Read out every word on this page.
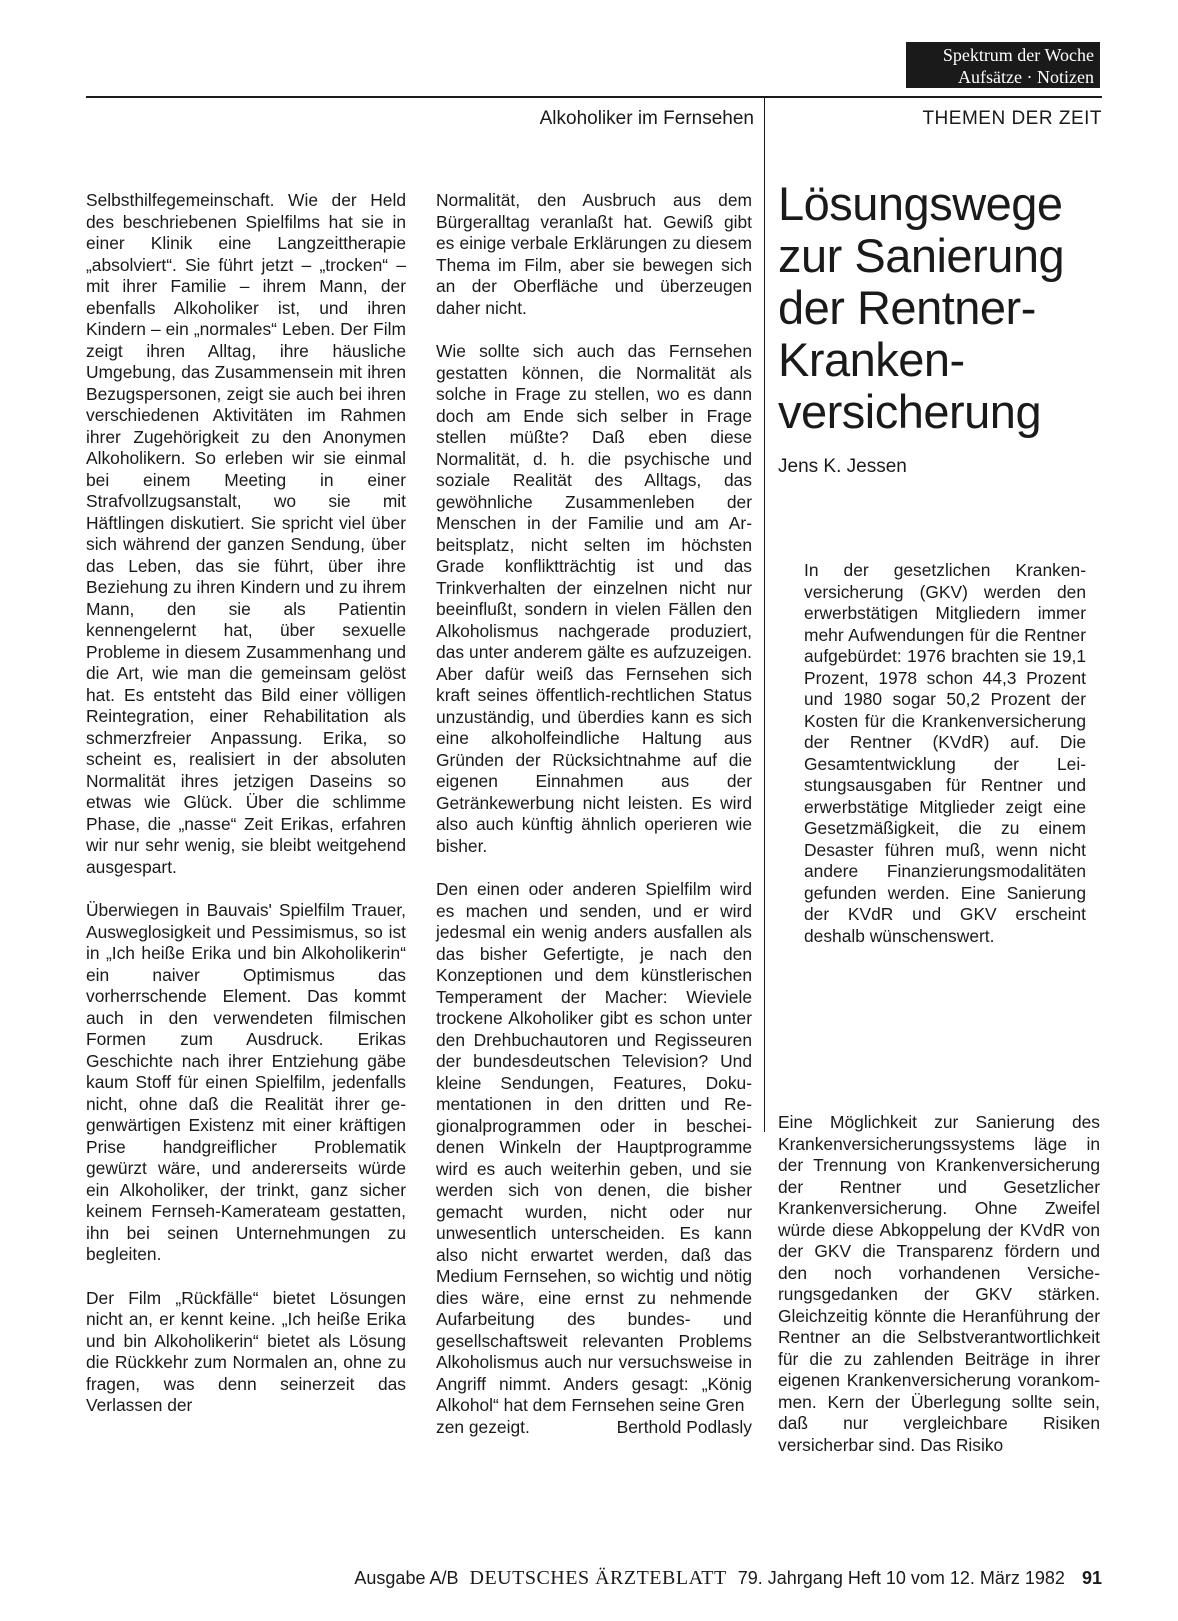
Spektrum der Woche
Aufsätze · Notizen
Alkoholiker im Fernsehen	THEMEN DER ZEIT

Selbsthilfegemeinschaft. Wie der Held des beschriebenen Spielfilms hat sie in einer Klinik eine Langzeittherapie „absolviert“. Sie führt jetzt – „trocken“ – mit ihrer Familie – ihrem Mann, der ebenfalls Alkoholiker ist, und ihren Kindern – ein „normales“ Leben. Der Film zeigt ihren Alltag, ihre häusliche Umgebung, das Zusammensein mit ihren Bezugspersonen, zeigt sie auch bei ihren verschiedenen Aktivitäten im Rahmen ihrer Zugehörigkeit zu den Anonymen Alkoholikern. So erleben wir sie einmal bei einem Meeting in einer Strafvollzugsanstalt, wo sie mit Häftlingen diskutiert. Sie spricht viel über sich während der ganzen Sendung, über das Leben, das sie führt, über ihre Beziehung zu ihren Kindern und zu ihrem Mann, den sie als Patientin kennengelernt hat, über sexuelle Probleme in diesem Zusammenhang und die Art, wie man die gemeinsam gelöst hat. Es entsteht das Bild einer völligen Reintegration, einer Rehabilitation als schmerzfreier Anpassung. Erika, so scheint es, realisiert in der absoluten Normalität ihres jetzigen Daseins so etwas wie Glück. Über die schlimme Phase, die „nasse“ Zeit Erikas, erfahren wir nur sehr wenig, sie bleibt weitgehend ausgespart.

Überwiegen in Bauvais' Spielfilm Trauer, Ausweglosigkeit und Pessimismus, so ist in „Ich heiße Erika und bin Alkoholikerin“ ein naiver Optimismus das vorherrschende Element. Das kommt auch in den verwendeten filmischen Formen zum Ausdruck. Erikas Geschichte nach ihrer Entziehung gäbe kaum Stoff für einen Spielfilm, jedenfalls nicht, ohne daß die Realität ihrer gegenwärtigen Existenz mit einer kräftigen Prise handgreiflicher Problematik gewürzt wäre, und andererseits würde ein Alkoholiker, der trinkt, ganz sicher keinem Fernseh-Kamerateam gestatten, ihn bei seinen Unternehmungen zu begleiten.

Der Film „Rückfälle“ bietet Lösungen nicht an, er kennt keine. „Ich heiße Erika und bin Alkoholikerin“ bietet als Lösung die Rückkehr zum Normalen an, ohne zu fragen, was denn seinerzeit das Verlassen der

Normalität, den Ausbruch aus dem Bürgeralltag veranlaßt hat. Gewiß gibt es einige verbale Erklärungen zu diesem Thema im Film, aber sie bewegen sich an der Oberfläche und überzeugen daher nicht.

Wie sollte sich auch das Fernsehen gestatten können, die Normalität als solche in Frage zu stellen, wo es dann doch am Ende sich selber in Frage stellen müßte? Daß eben diese Normalität, d. h. die psychische und soziale Realität des Alltags, das gewöhnliche Zusammenleben der Menschen in der Familie und am Arbeitsplatz, nicht selten im höchsten Grade konfliktträchtig ist und das Trinkverhalten der einzelnen nicht nur beeinflußt, sondern in vielen Fällen den Alkoholismus nachgerade produziert, das unter anderem gälte es aufzuzeigen. Aber dafür weiß das Fernsehen sich kraft seines öffentlich-rechtlichen Status unzuständig, und überdies kann es sich eine alkoholfeindliche Haltung aus Gründen der Rücksichtnahme auf die eigenen Einnahmen aus der Getränkewerbung nicht leisten. Es wird also auch künftig ähnlich operieren wie bisher.

Den einen oder anderen Spielfilm wird es machen und senden, und er wird jedesmal ein wenig anders ausfallen als das bisher Gefertigte, je nach den Konzeptionen und dem künstlerischen Temperament der Macher: Wieviele trockene Alkoholiker gibt es schon unter den Drehbuchautoren und Regisseuren der bundesdeutschen Television? Und kleine Sendungen, Features, Dokumentationen in den dritten und Regionalprogrammen oder in bescheidenen Winkeln der Hauptprogramme wird es auch weiterhin geben, und sie werden sich von denen, die bisher gemacht wurden, nicht oder nur unwesentlich unterscheiden. Es kann also nicht erwartet werden, daß das Medium Fernsehen, so wichtig und nötig dies wäre, eine ernst zu nehmende Aufarbeitung des bundes- und gesellschaftsweit relevanten Problems Alkoholismus auch nur versuchsweise in Angriff nimmt. Anders gesagt: „König Alkohol“ hat dem Fernsehen seine Gren

zen gezeigt.	Berthold Podlasly
Lösungswege
zur Sanierung
der Rentner-
Kranken-
versicherung
Jens K. Jessen

In der gesetzlichen Krankenversicherung (GKV) werden den erwerbstätigen Mitgliedern immer mehr Aufwendungen für die Rentner aufgebürdet: 1976 brachten sie 19,1 Prozent, 1978 schon 44,3 Prozent und 1980 sogar 50,2 Prozent der Kosten für die Krankenversicherung der Rentner (KVdR) auf. Die Gesamtentwicklung der Leistungsausgaben für Rentner und erwerbstätige Mitglieder zeigt eine Gesetzmäßigkeit, die zu einem Desaster führen muß, wenn nicht andere Finanzierungsmodalitäten gefunden werden. Eine Sanierung der KVdR und GKV erscheint deshalb wünschenswert.

Eine Möglichkeit zur Sanierung des Krankenversicherungssystems läge in der Trennung von Krankenversicherung der Rentner und Gesetzlicher Krankenversicherung. Ohne Zweifel würde diese Abkoppelung der KVdR von der GKV die Transparenz fördern und den noch vorhandenen Versicherungsgedanken der GKV stärken. Gleichzeitig könnte die Heranführung der Rentner an die Selbstverantwortlichkeit für die zu zahlenden Beiträge in ihrer eigenen Krankenversicherung vorankommen. Kern der Überlegung sollte sein, daß nur vergleichbare Risiken versicherbar sind. Das Risiko

Ausgabe A/B DEUTSCHES ÄRZTEBLATT 79. Jahrgang Heft 10 vom 12. März 1982 91
